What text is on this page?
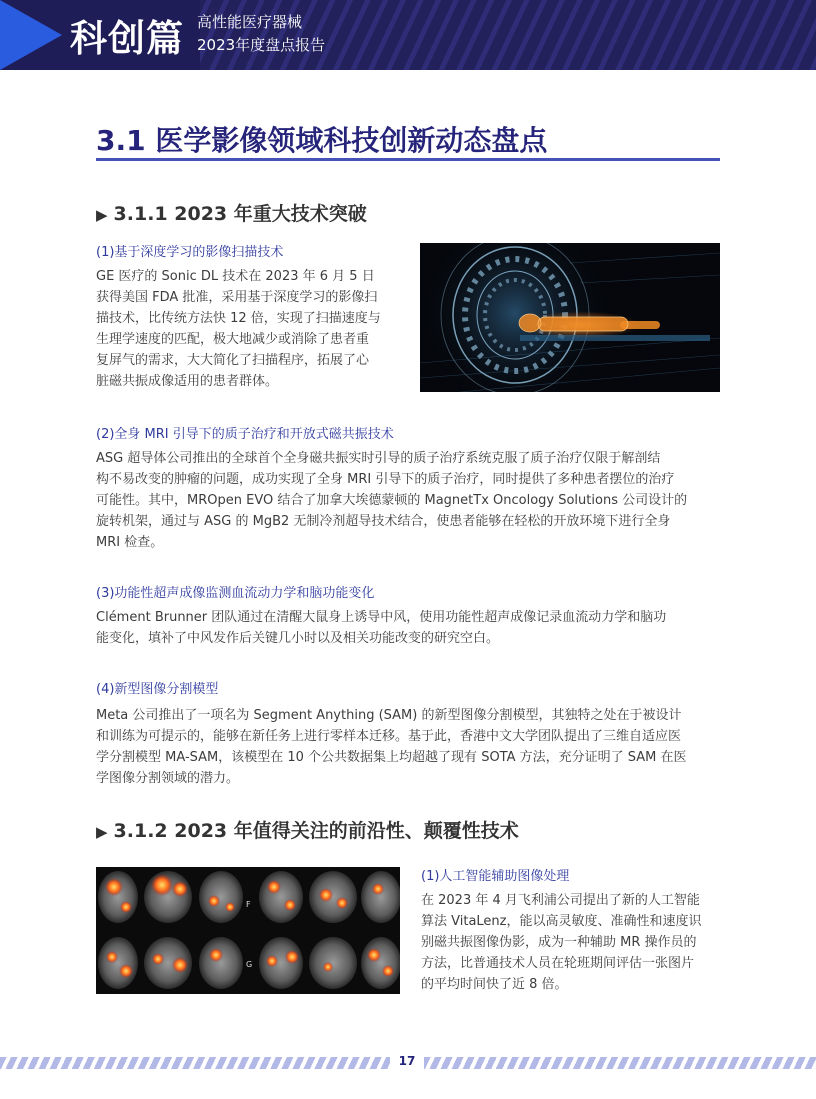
科创篇 高性能医疗器械
2023年度盘点报告
3.1 医学影像领域科技创新动态盘点
▶ 3.1.1 2023 年重大技术突破
(1)基于深度学习的影像扫描技术
GE 医疗的 Sonic DL 技术在 2023 年 6 月 5 日
获得美国 FDA 批准，采用基于深度学习的影像扫
描技术，比传统方法快 12 倍，实现了扫描速度与
生理学速度的匹配，极大地减少或消除了患者重
复屏气的需求，大大简化了扫描程序，拓展了心
脏磁共振成像适用的患者群体。
(2)全身 MRI 引导下的质子治疗和开放式磁共振技术
ASG 超导体公司推出的全球首个全身磁共振实时引导的质子治疗系统克服了质子治疗仅限于解剖结
构不易改变的肿瘤的问题，成功实现了全身 MRI 引导下的质子治疗，同时提供了多种患者摆位的治疗
可能性。其中，MROpen EVO 结合了加拿大埃德蒙顿的 MagnetTx Oncology Solutions 公司设计的
旋转机架，通过与 ASG 的 MgB2 无制冷剂超导技术结合，使患者能够在轻松的开放环境下进行全身
MRI 检查。
(3)功能性超声成像监测血流动力学和脑功能变化
Clément Brunner 团队通过在清醒大鼠身上诱导中风，使用功能性超声成像记录血流动力学和脑功
能变化，填补了中风发作后关键几小时以及相关功能改变的研究空白。
(4)新型图像分割模型
Meta 公司推出了一项名为 Segment Anything (SAM) 的新型图像分割模型，其独特之处在于被设计
和训练为可提示的，能够在新任务上进行零样本迁移。基于此，香港中文大学团队提出了三维自适应医
学分割模型 MA-SAM，该模型在 10 个公共数据集上均超越了现有 SOTA 方法，充分证明了 SAM 在医
学图像分割领域的潜力。
▶ 3.1.2 2023 年值得关注的前沿性、颠覆性技术
F
G
(1)人工智能辅助图像处理
在 2023 年 4 月飞利浦公司提出了新的人工智能
算法 VitaLenz，能以高灵敏度、准确性和速度识
别磁共振图像伪影，成为一种辅助 MR 操作员的
方法，比普通技术人员在轮班期间评估一张图片
的平均时间快了近 8 倍。
17
